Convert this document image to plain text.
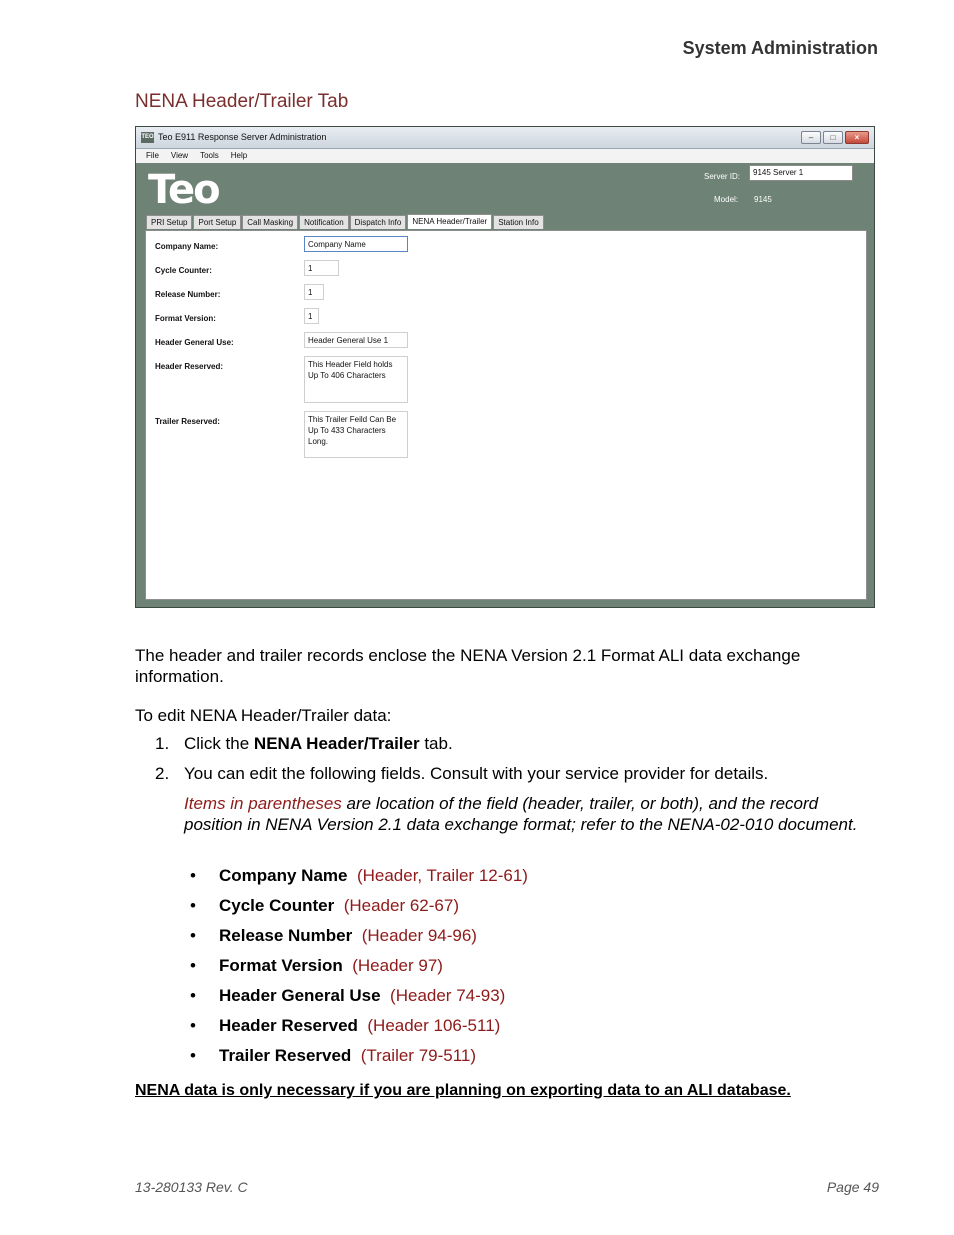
System Administration
NENA Header/Trailer Tab
TEO Teo E911 Response Server Administration	–	□	×
File View Tools Help
Teo	Server ID:	9145 Server 1
Model: 9145
PRI Setup	Port Setup	Call Masking	Notification	Dispatch Info	NENA Header/Trailer	Station Info
Company Name:	Company Name
Cycle Counter:	1
Release Number:	1
Format Version:	1
Header General Use:	Header General Use 1
Header Reserved:	This Header Field holds Up To 406 Characters
Trailer Reserved:	This Trailer Feild Can Be Up To 433 Characters Long.
The header and trailer records enclose the NENA Version 2.1 Format ALI data exchange information.
To edit NENA Header/Trailer data:
1. Click the NENA Header/Trailer tab.
2. You can edit the following fields. Consult with your service provider for details.
Items in parentheses are location of the field (header, trailer, or both), and the record position in NENA Version 2.1 data exchange format; refer to the NENA-02-010 document.
• Company Name (Header, Trailer 12-61)
• Cycle Counter (Header 62-67)
• Release Number (Header 94-96)
• Format Version (Header 97)
• Header General Use (Header 74-93)
• Header Reserved (Header 106-511)
• Trailer Reserved (Trailer 79-511)
NENA data is only necessary if you are planning on exporting data to an ALI database.
13-280133 Rev. C	Page 49
